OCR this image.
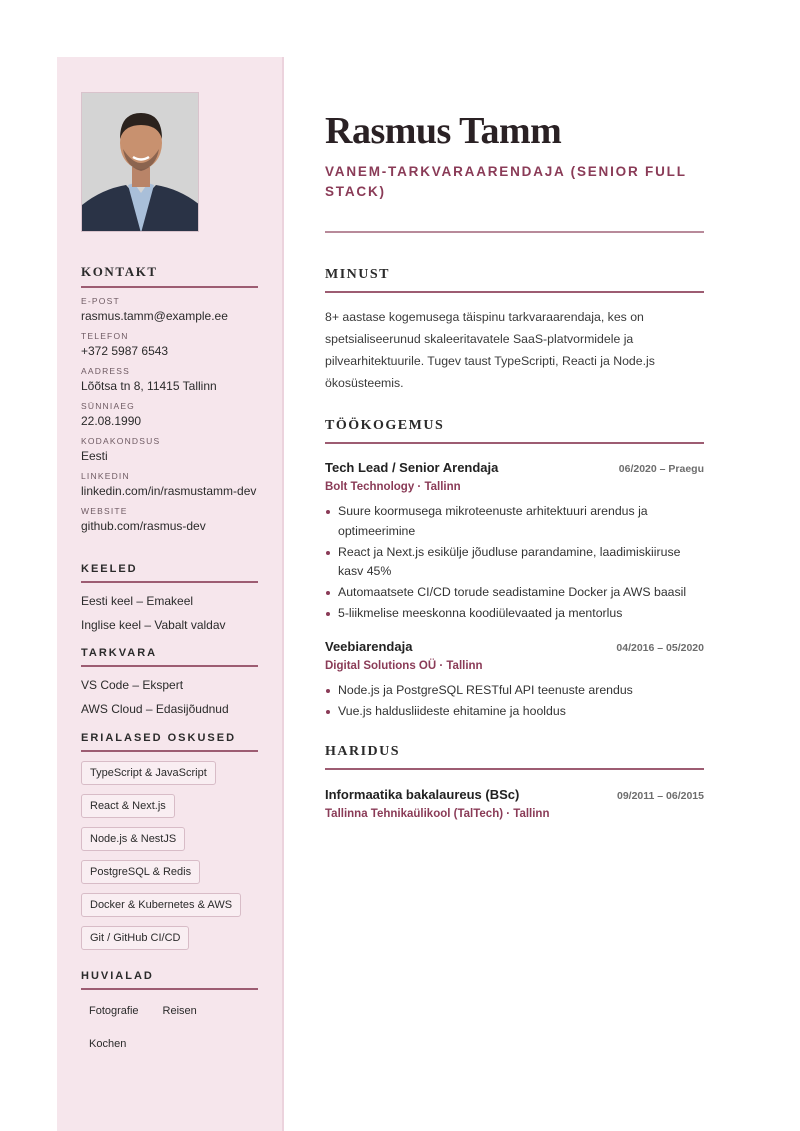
KONTAKT
E-POST
rasmus.tamm@example.ee
TELEFON
+372 5987 6543
AADRESS
Lõõtsa tn 8, 11415 Tallinn
SÜNNIAEG
22.08.1990
KODAKONDSUS
Eesti
LINKEDIN
linkedin.com/in/rasmustamm-dev
WEBSITE
github.com/rasmus-dev
KEELED
Eesti keel – Emakeel
Inglise keel – Vabalt valdav
TARKVARA
VS Code – Ekspert
AWS Cloud – Edasijõudnud
ERIALASED OSKUSED
TypeScript & JavaScript
React & Next.js
Node.js & NestJS
PostgreSQL & Redis
Docker & Kubernetes & AWS
Git / GitHub CI/CD
HUVIALAD
Fotografie	Reisen
Kochen
Rasmus Tamm
VANEM-TARKVARAARENDAJA (SENIOR FULL STACK)
MINUST

8+ aastase kogemusega täispinu tarkvaraarendaja, kes on spetsialiseerunud skaleeritavatele SaaS-platvormidele ja pilvearhitektuurile. Tugev taust TypeScripti, Reacti ja Node.js ökosüsteemis.

TÖÖKOGEMUS
Tech Lead / Senior Arendaja	06/2020 – Praegu
Bolt Technology · Tallinn
Suure koormusega mikroteenuste arhitektuuri arendus ja optimeerimine
React ja Next.js esikülje jõudluse parandamine, laadimiskiiruse kasv 45%
Automaatsete CI/CD torude seadistamine Docker ja AWS baasil
5-liikmelise meeskonna koodiülevaated ja mentorlus
Veebiarendaja	04/2016 – 05/2020
Digital Solutions OÜ · Tallinn
Node.js ja PostgreSQL RESTful API teenuste arendus
Vue.js haldusliideste ehitamine ja hooldus
HARIDUS
Informaatika bakalaureus (BSc)	09/2011 – 06/2015
Tallinna Tehnikaülikool (TalTech) · Tallinn
